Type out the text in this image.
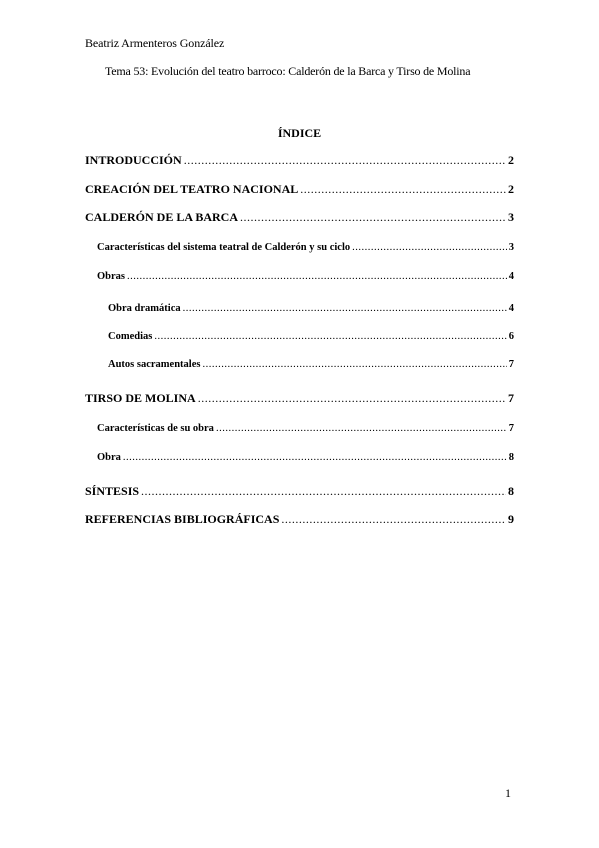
Beatriz Armenteros González
Tema 53: Evolución del teatro barroco: Calderón de la Barca y Tirso de Molina
ÍNDICE
INTRODUCCIÓN .....	2
CREACIÓN DEL TEATRO NACIONAL .....	2
CALDERÓN DE LA BARCA .....	3
Características del sistema teatral de Calderón y su ciclo .....	3
Obras .....	4
Obra dramática .....	4
Comedias .....	6
Autos sacramentales .....	7
TIRSO DE MOLINA .....	7
Características de su obra .....	7
Obra .....	8
SÍNTESIS .....	8
REFERENCIAS BIBLIOGRÁFICAS .....	9
1
